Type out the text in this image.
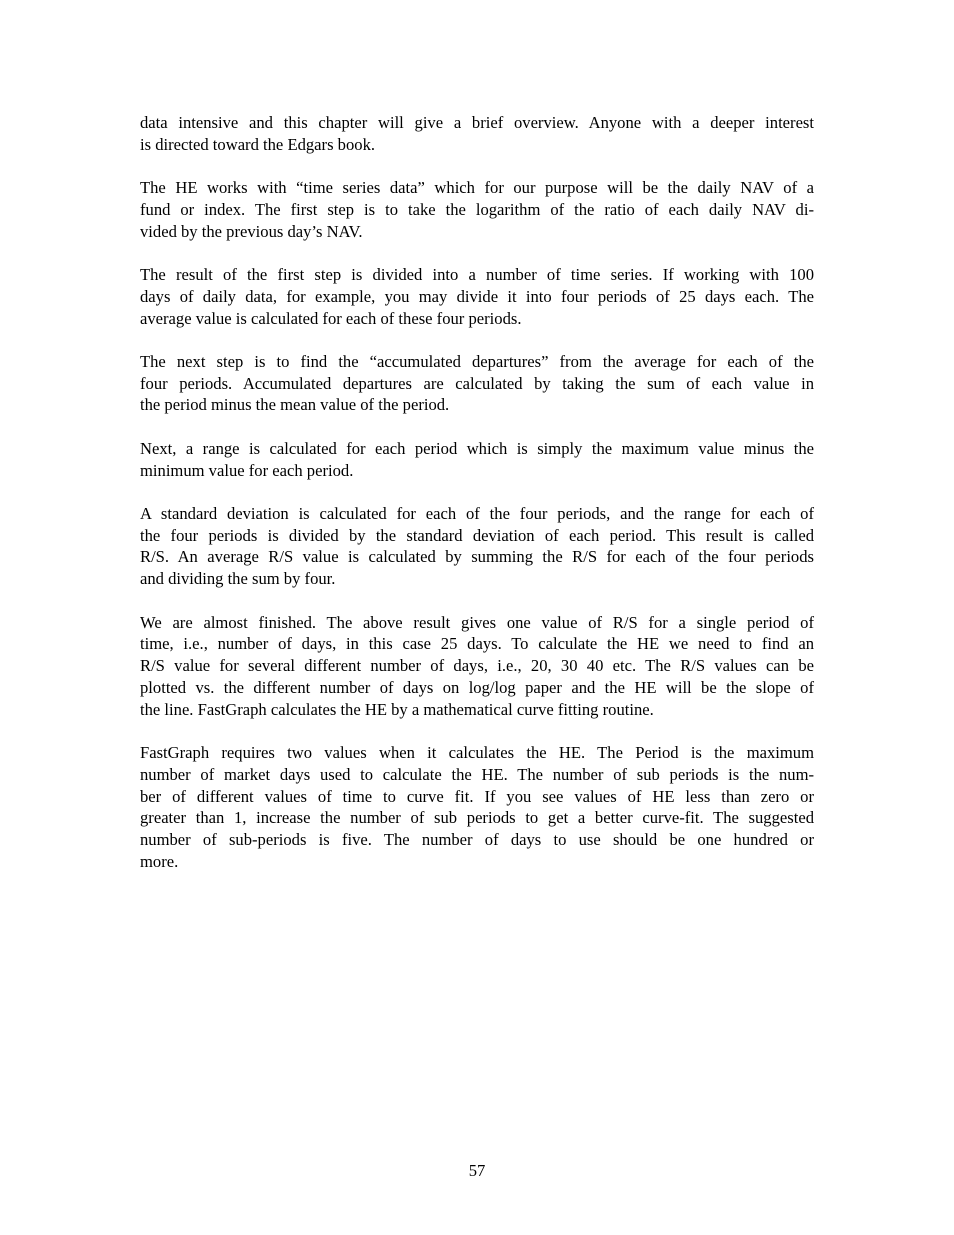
data intensive and this chapter will give a brief overview. Anyone with a deeper interest
is directed toward the Edgars book.

The HE works with “time series data” which for our purpose will be the daily NAV of a
fund or index. The first step is to take the logarithm of the ratio of each daily NAV di-
vided by the previous day’s NAV.

The result of the first step is divided into a number of time series. If working with 100
days of daily data, for example, you may divide it into four periods of 25 days each. The
average value is calculated for each of these four periods.

The next step is to find the “accumulated departures” from the average for each of the
four periods. Accumulated departures are calculated by taking the sum of each value in
the period minus the mean value of the period.

Next, a range is calculated for each period which is simply the maximum value minus the
minimum value for each period.

A standard deviation is calculated for each of the four periods, and the range for each of
the four periods is divided by the standard deviation of each period. This result is called
R/S. An average R/S value is calculated by summing the R/S for each of the four periods
and dividing the sum by four.

We are almost finished. The above result gives one value of R/S for a single period of
time, i.e., number of days, in this case 25 days. To calculate the HE we need to find an
R/S value for several different number of days, i.e., 20, 30 40 etc. The R/S values can be
plotted vs. the different number of days on log/log paper and the HE will be the slope of
the line. FastGraph calculates the HE by a mathematical curve fitting routine.

FastGraph requires two values when it calculates the HE. The Period is the maximum
number of market days used to calculate the HE. The number of sub periods is the num-
ber of different values of time to curve fit. If you see values of HE less than zero or
greater than 1, increase the number of sub periods to get a better curve-fit. The suggested
number of sub-periods is five. The number of days to use should be one hundred or
more.

57
